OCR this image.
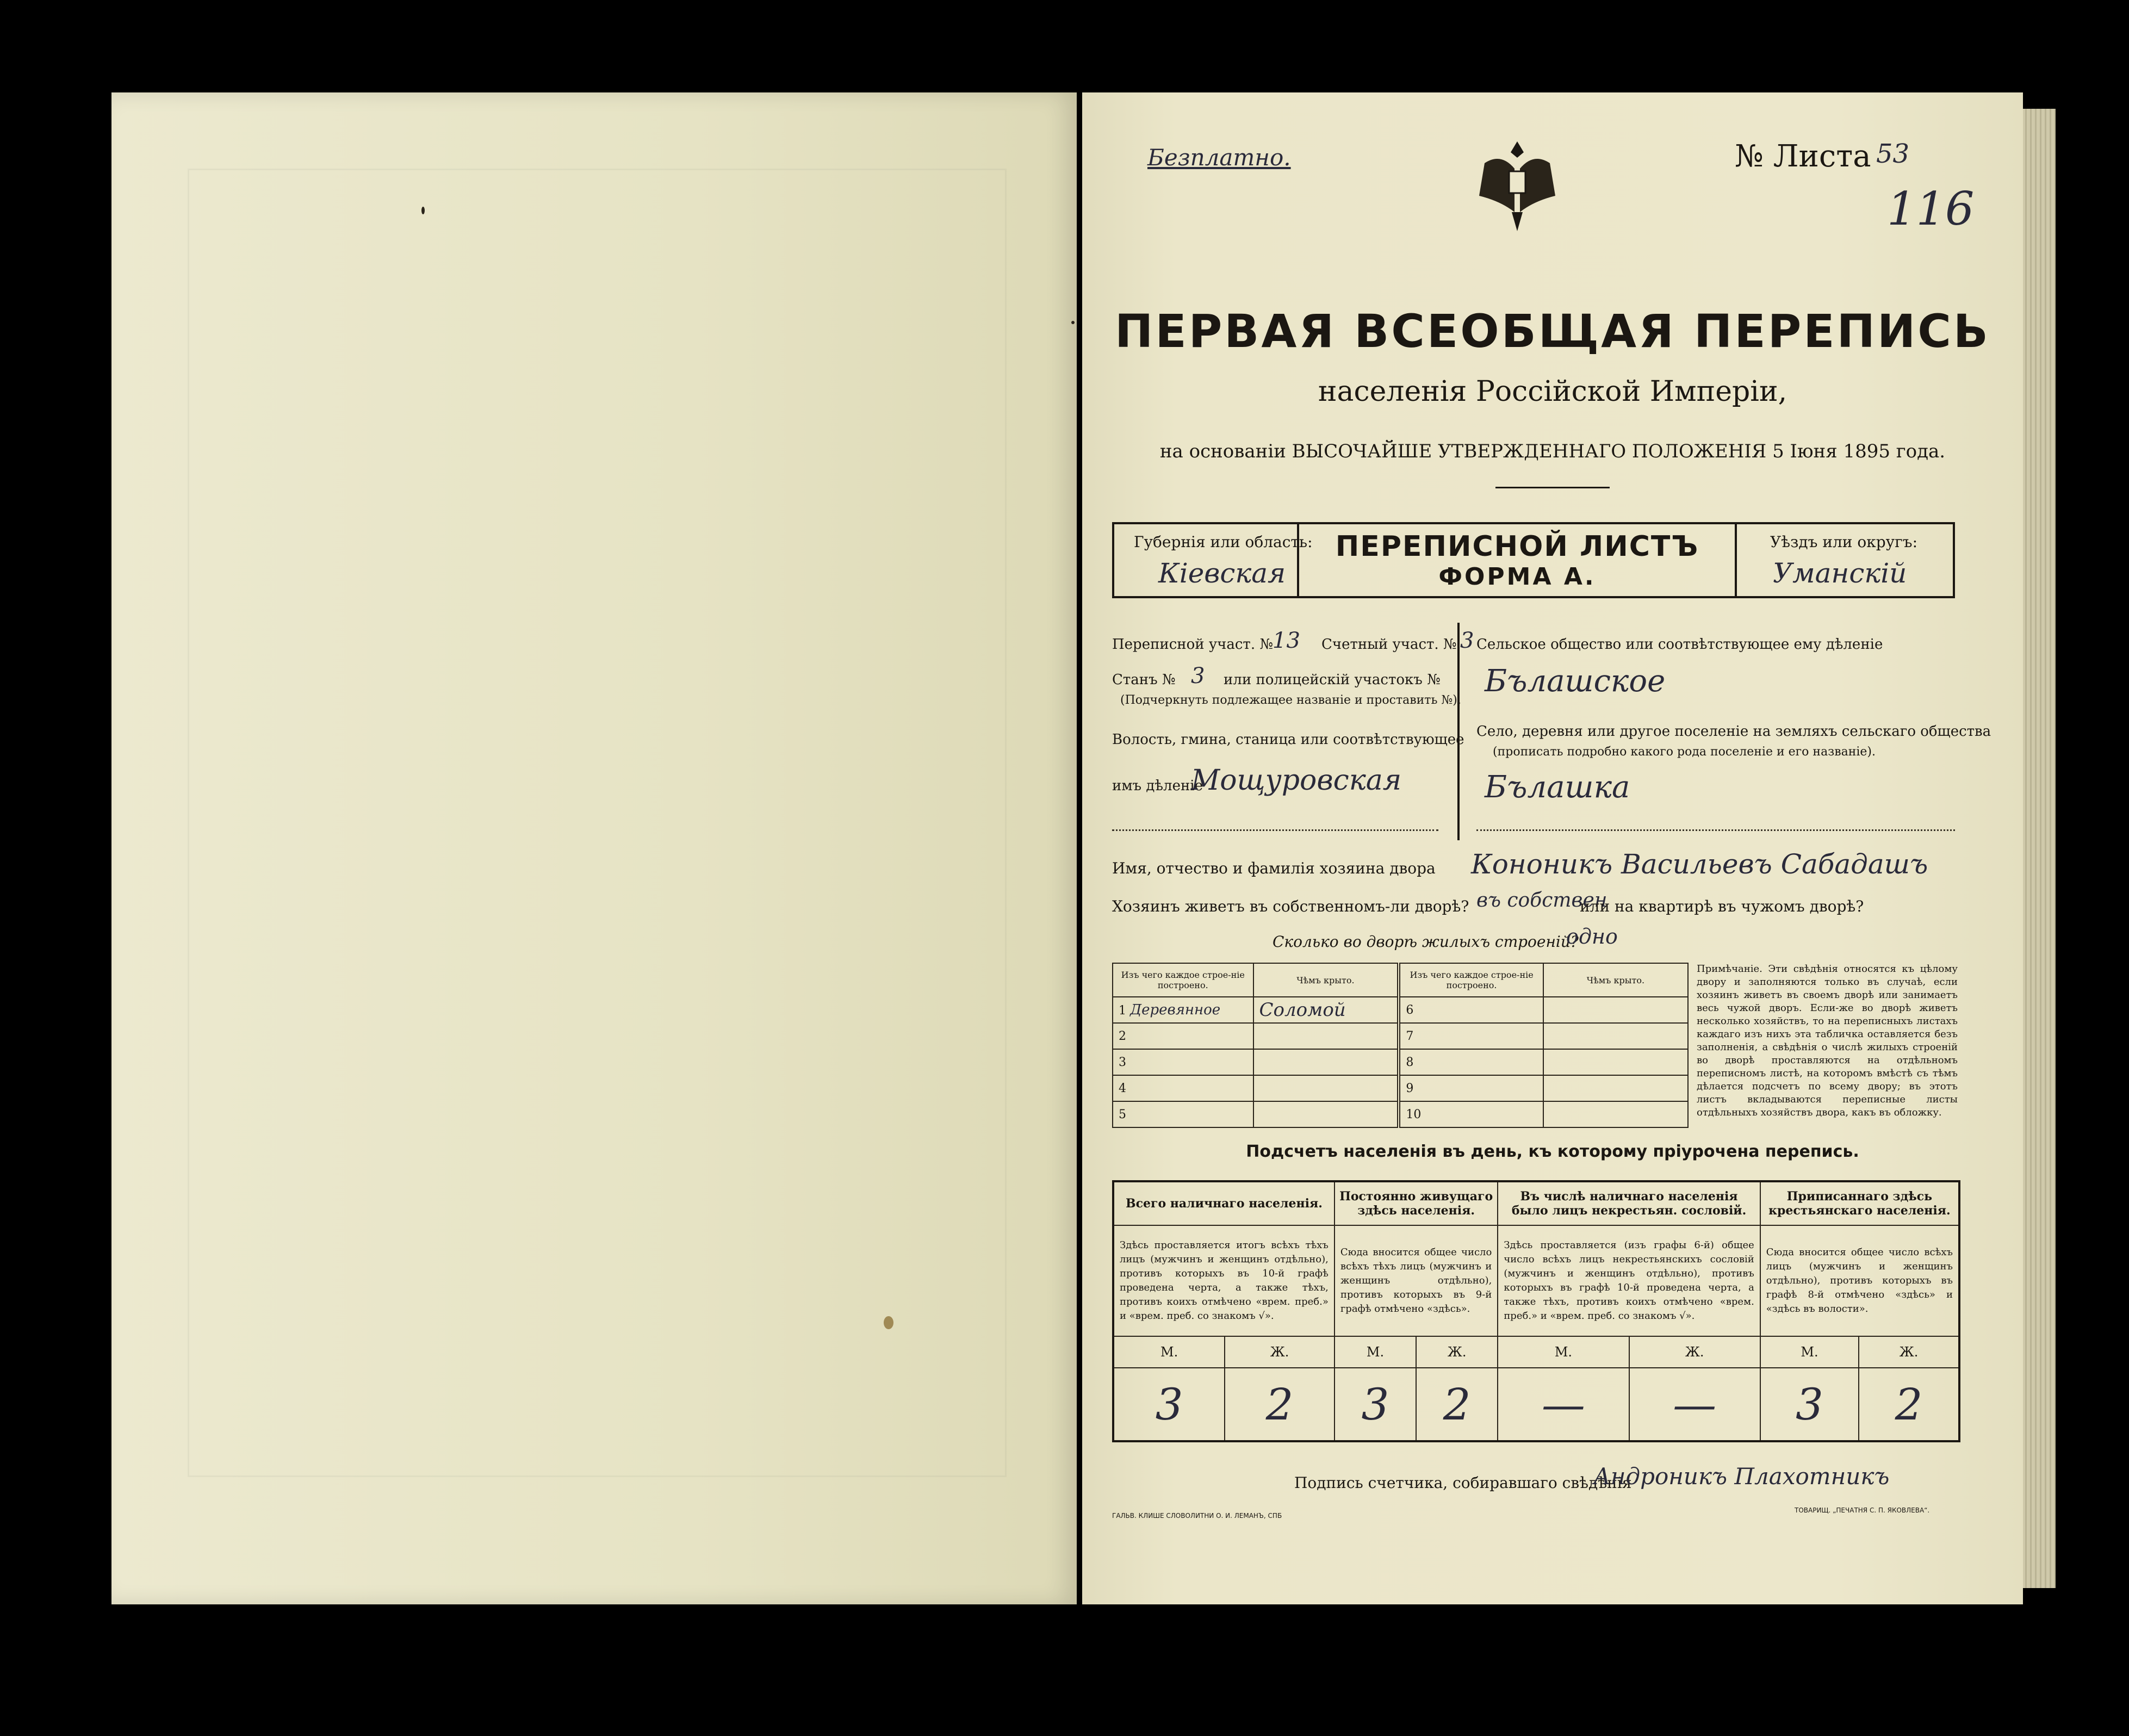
Безплатно.	№ Листа 53
116
ПЕРВАЯ ВСЕОБЩАЯ ПЕРЕПИСЬ
населенія Россійской Имперіи,
на основаніи ВЫСОЧАЙШЕ УТВЕРЖДЕННАГО ПОЛОЖЕНІЯ 5 Іюня 1895 года.
Губернія или область:
Кіевская
ПЕРЕПИСНОЙ ЛИСТЪ
ФОРМА А.
Уѣздъ или округъ:
Уманскій
Переписной участ. № 13 Счетный участ. № 3
Станъ № 3 или полицейскій участокъ №
(Подчеркнуть подлежащее названіе и проставить №).
Волость, гмина, станица или соотвѣтствующее
имъ дѣленіе
Мощуровская
Сельское общество или соотвѣтствующее ему дѣленіе
Бълашское
Село, деревня или другое поселеніе на земляхъ сельскаго общества
(прописать подробно какого рода поселеніе и его названіе).
Бълашка
Имя, отчество и фамилія хозяина двора Кононикъ Васильевъ Сабадашъ
Хозяинъ живетъ въ собственномъ-ли дворѣ? въ собствен
или на квартирѣ въ чужомъ дворѣ?
Сколько во дворѣ жилыхъ строеній?
одно
Изъ чего каждое строе-ніе построено.	Чѣмъ крыто.	Изъ чего каждое строе-ніе построено.	Чѣмъ крыто.
1 Деревянное	Соломой	6	
2		7	
3		8	
4		9	
5		10	
Примѣчаніе. Эти свѣдѣнія относятся къ цѣлому двору и заполняются только въ случаѣ, если хозяинъ живетъ въ своемъ дворѣ или занимаетъ весь чужой дворъ. Если-же во дворѣ живетъ несколько хозяйствъ, то на переписныхъ листахъ каждаго изъ нихъ эта табличка оставляется безъ заполненія, а свѣдѣнія о числѣ жилыхъ строеній во дворѣ проставляются на отдѣльномъ переписномъ листѣ, на которомъ вмѣстѣ съ тѣмъ дѣлается подсчетъ по всему двору; въ этотъ листъ вкладываются переписные листы отдѣльныхъ хозяйствъ двора, какъ въ обложку.
Подсчетъ населенія въ день, къ которому пріурочена перепись.
Всего наличнаго населенія.		Постоянно живущаго здѣсь населенія.		Въ числѣ наличнаго населенія было лицъ некрестьян. сословій.		Приписаннаго здѣсь крестьянскаго населенія.	
Здѣсь проставляется итогъ всѣхъ тѣхъ лицъ (мужчинъ и женщинъ отдѣльно), противъ которыхъ въ 10-й графѣ проведена черта, а также тѣхъ, противъ коихъ отмѣчено «врем. преб.» и «врем. преб. со знакомъ √».		Сюда вносится общее число всѣхъ тѣхъ лицъ (мужчинъ и женщинъ отдѣльно), противъ которыхъ въ 9-й графѣ отмѣчено «здѣсь».		Здѣсь проставляется (изъ графы 6-й) общее число всѣхъ лицъ некрестьянскихъ сословій (мужчинъ и женщинъ отдѣльно), противъ которыхъ въ графѣ 10-й проведена черта, а также тѣхъ, противъ коихъ отмѣчено «врем. преб.» и «врем. преб. со знакомъ √».		Сюда вносится общее число всѣхъ лицъ (мужчинъ и женщинъ отдѣльно), противъ которыхъ въ графѣ 8-й отмѣчено «здѣсь» и «здѣсь въ волости».	
М.	Ж.	М.	Ж.	М.	Ж.	М.	Ж.
3	2	3	2	—	—	3	2
Подпись счетчика, собиравшаго свѣдѣнія
Андроникъ Плахотникъ
ГАЛЬВ. КЛИШЕ СЛОВОЛИТНИ О. И. ЛЕМАНЪ, СПБ
ТОВАРИЩ. „ПЕЧАТНЯ С. П. ЯКОВЛЕВА“.
